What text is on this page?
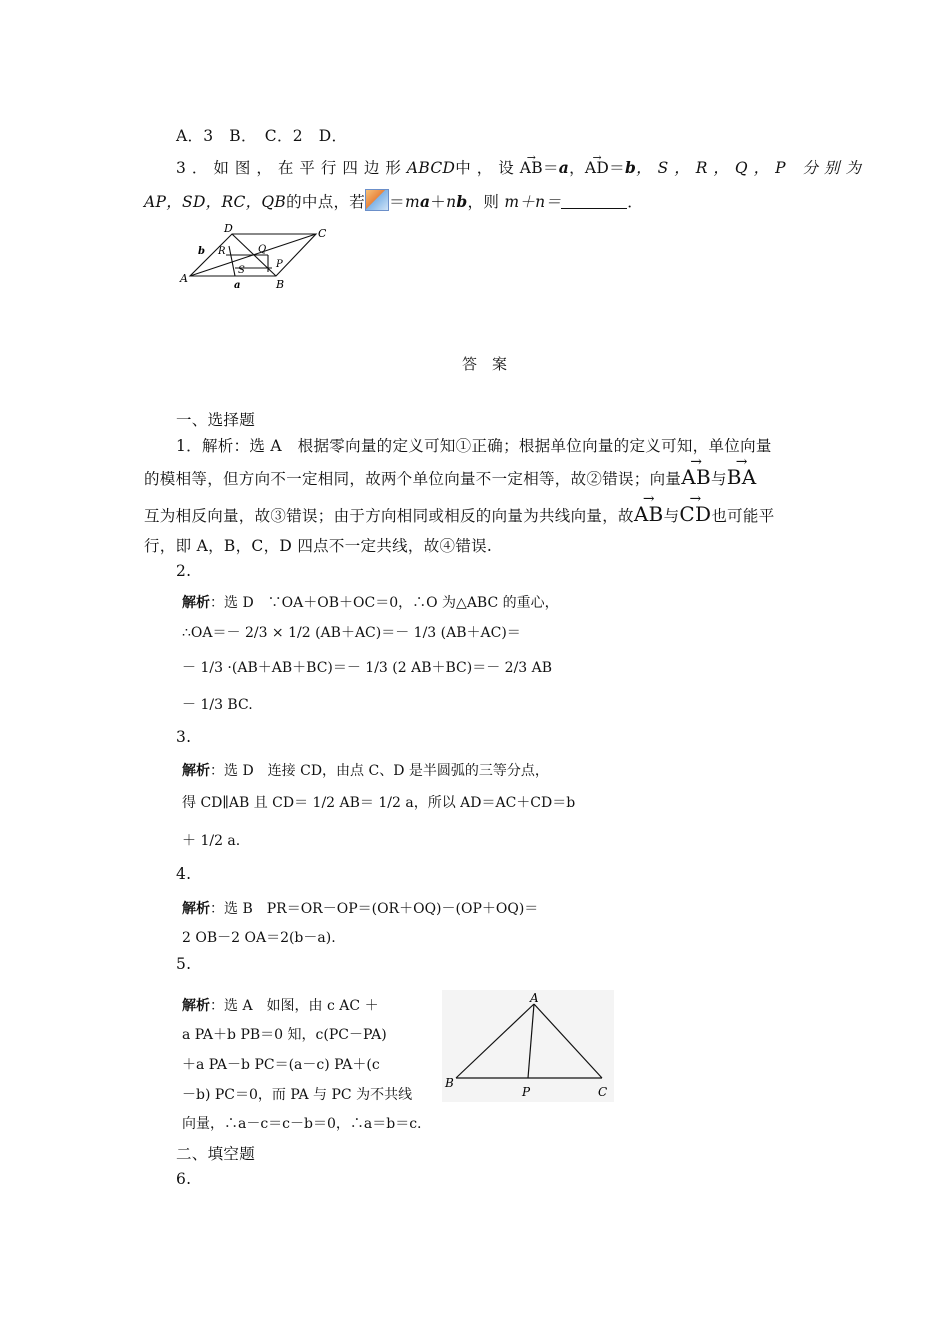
A．3　B．　C．2　D．
3．如图，在平行四边形ABCD中，设→ AB＝a，→ AD＝b，S，R，Q，P 分别为
AP，SD，RC，QB的中点，若 ＝ma＋nb，则 m＋n＝	．
A	B
C
D
R	Q
S
P
a
b
答　案
一、选择题
1．解析：选 A　根据零向量的定义可知①正确；根据单位向量的定义可知，单位向量
的模相等，但方向不一定相同，故两个单位向量不一定相等，故②错误；向量→ AB与→ BA
互为相反向量，故③错误；由于方向相同或相反的向量为共线向量，故→ AB与→ CD也可能平
行，即 A，B，C，D 四点不一定共线，故④错误.
2.
解析：选 D　∵OA＋OB＋OC＝0，∴O 为△ABC 的重心，
∴OA＝－ 2/3 × 1/2 (AB＋AC)＝－ 1/3 (AB＋AC)＝
－ 1/3 ·(AB＋AB＋BC)＝－ 1/3 (2 AB＋BC)＝－ 2/3 AB
－ 1/3 BC.
3.
解析：选 D　连接 CD，由点 C、D 是半圆弧的三等分点，
得 CD∥AB 且 CD＝ 1/2 AB＝ 1/2 a，所以 AD＝AC＋CD＝b
＋ 1/2 a.
4.
解析：选 B　PR＝OR－OP＝(OR＋OQ)－(OP＋OQ)＝
2 OB－2 OA＝2(b－a).
5.
解析：选 A　如图，由 c AC ＋
a PA＋b PB＝0 知，c(PC－PA)
＋a PA－b PC＝(a－c) PA＋(c
－b) PC＝0，而 PA 与 PC 为不共线
向量，∴a－c＝c－b＝0，∴a＝b＝c.
A
B
C
P
二、填空题
6.
